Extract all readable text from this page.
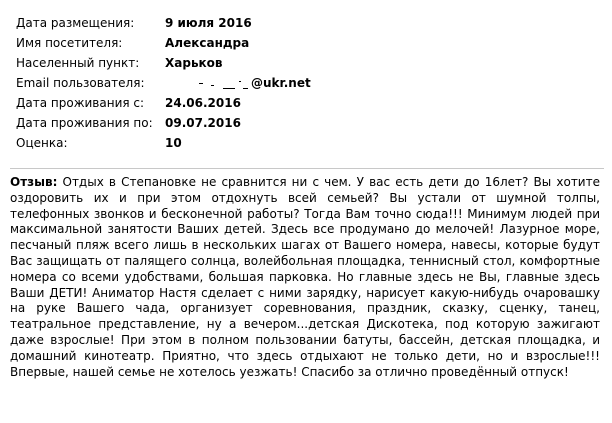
Дата размещения:	9 июля 2016
Имя посетителя:	Александра
Населенный пункт:	Харьков
Email пользователя:	@ukr.net
Дата проживания с:	24.06.2016
Дата проживания по:	09.07.2016
Оценка:	10
Отзыв: Отдых в Степановке не сравнится ни с чем. У вас есть дети до 16лет? Вы хотите оздоровить их и при этом отдохнуть всей семьей? Вы устали от шумной толпы, телефонных звонков и бесконечной работы? Тогда Вам точно сюда!!! Минимум людей при максимальной занятости Ваших детей. Здесь все продумано до мелочей! Лазурное море, песчаный пляж всего лишь в нескольких шагах от Вашего номера, навесы, которые будут Вас защищать от палящего солнца, волейбольная площадка, теннисный стол, комфортные номера со всеми удобствами, большая парковка. Но главные здесь не Вы, главные здесь Ваши ДЕТИ! Аниматор Настя сделает с ними зарядку, нарисует какую-нибудь очаровашку на руке Вашего чада, организует соревнования, праздник, сказку, сценку, танец, театральное представление, ну а вечером...детская Дискотека, под которую зажигают даже взрослые! При этом в полном пользовании батуты, бассейн, детская площадка, и домашний кинотеатр. Приятно, что здесь отдыхают не только дети, но и взрослые!!! Впервые, нашей семье не хотелось уезжать! Спасибо за отлично проведённый отпуск!
